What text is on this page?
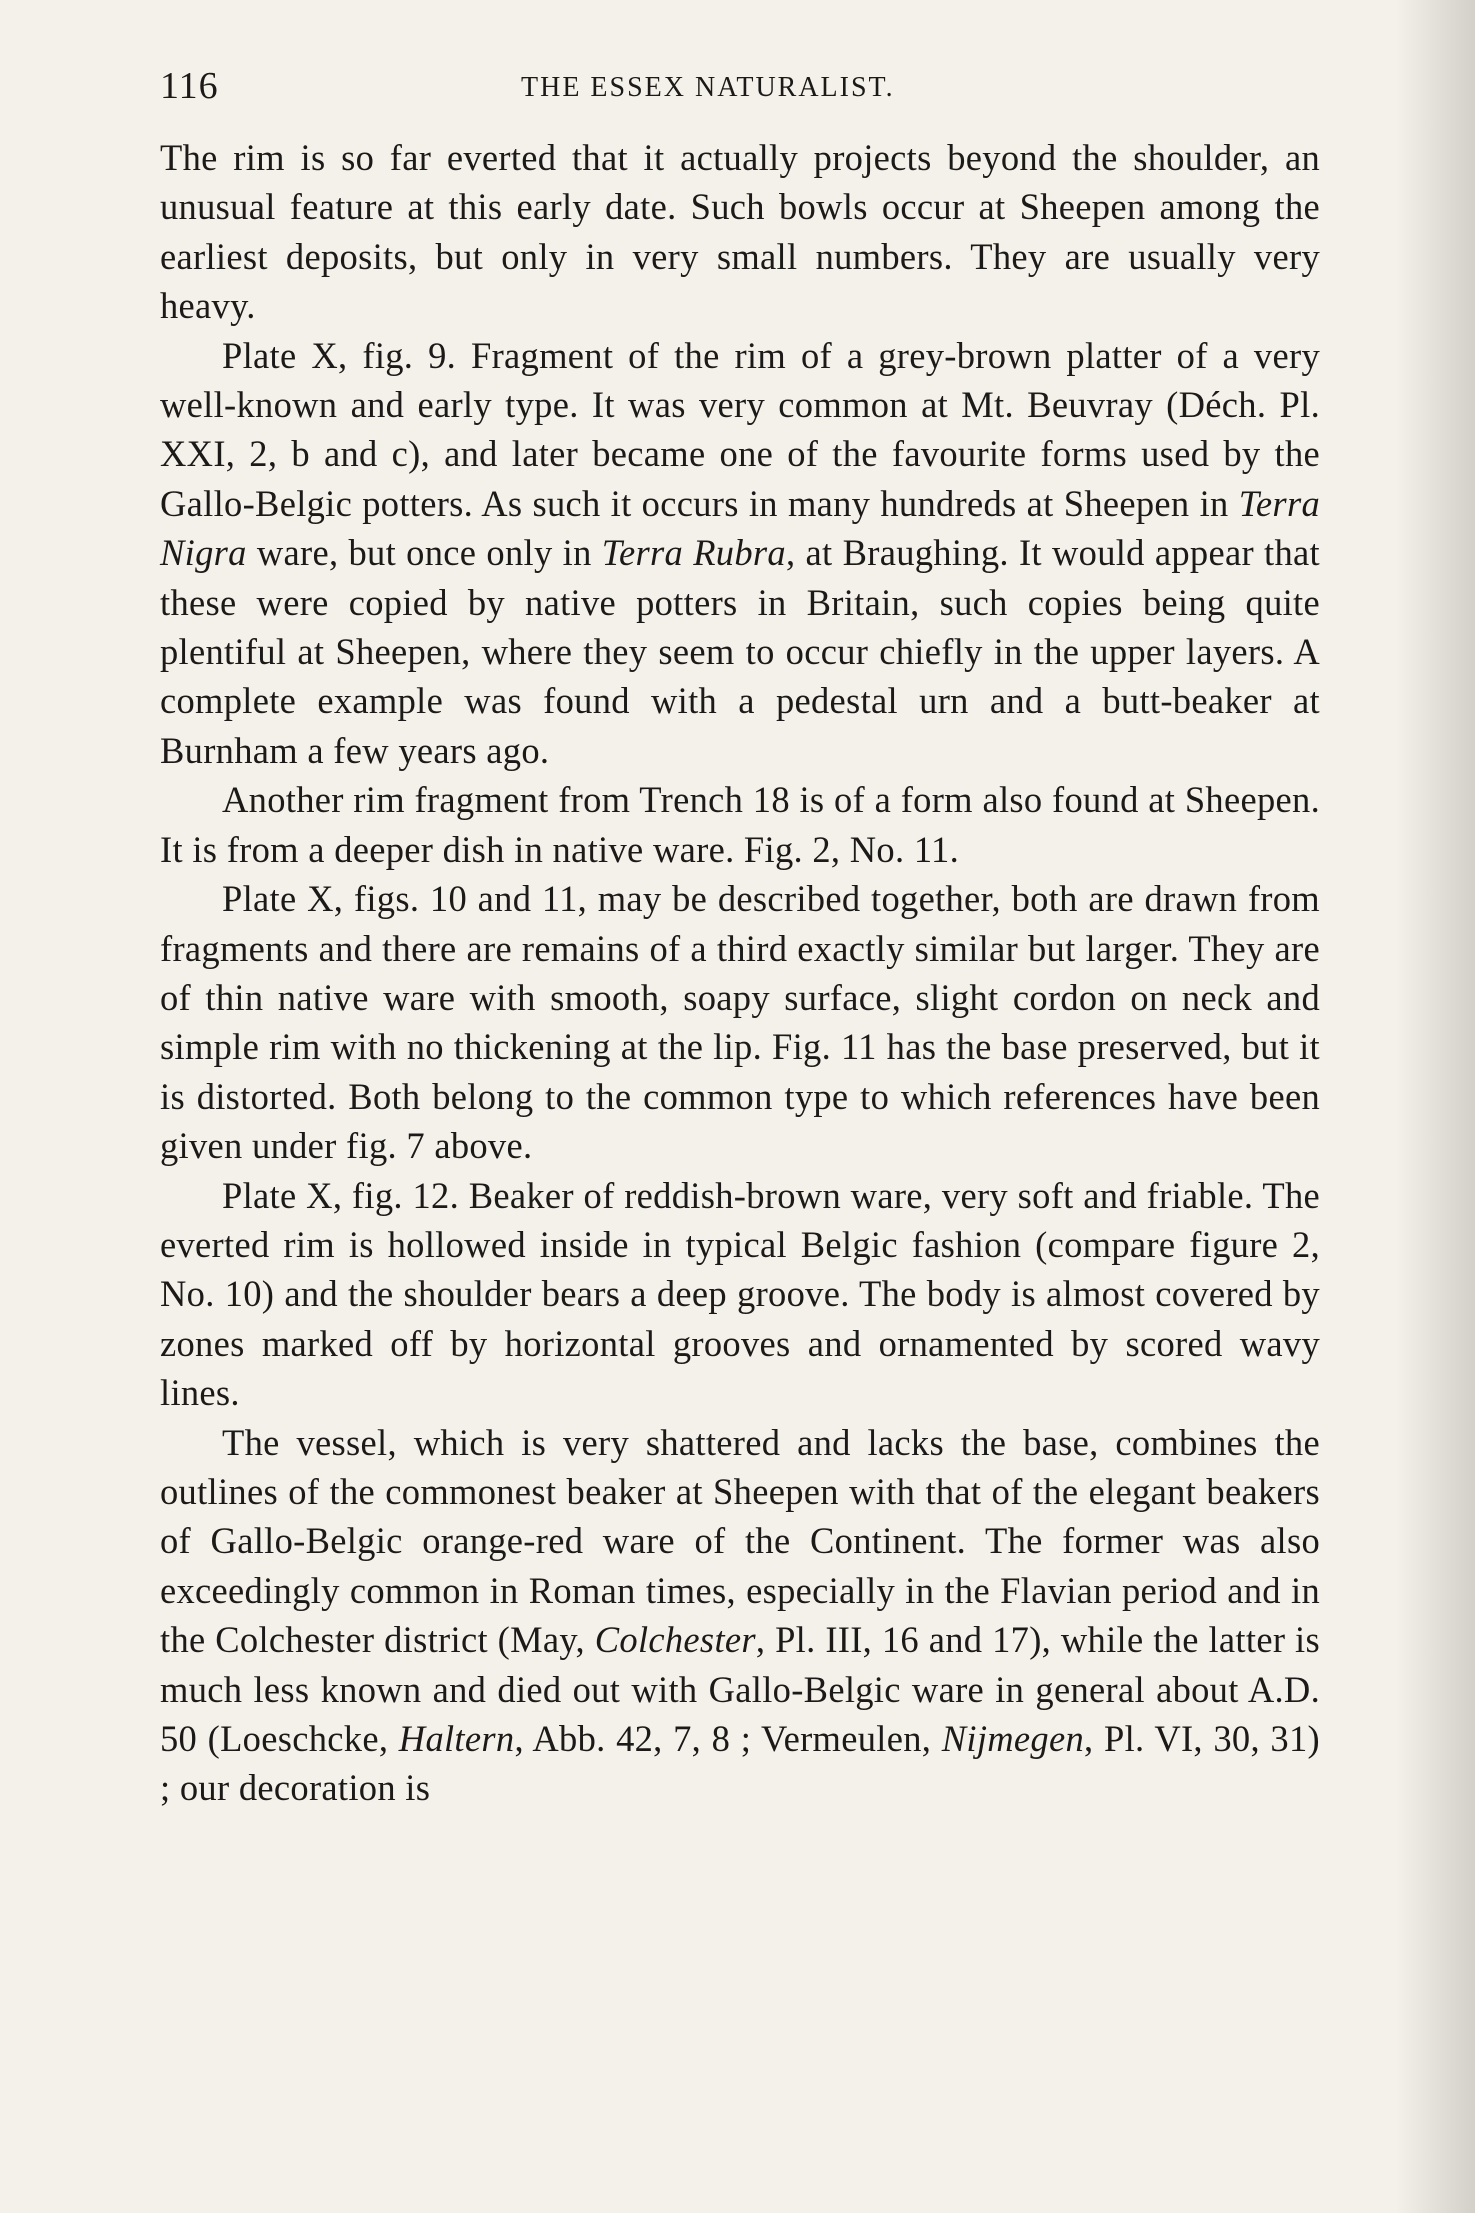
116	THE ESSEX NATURALIST.

The rim is so far everted that it actually projects beyond the shoulder, an unusual feature at this early date. Such bowls occur at Sheepen among the earliest deposits, but only in very small numbers. They are usually very heavy.

Plate X, fig. 9. Fragment of the rim of a grey-brown platter of a very well-known and early type. It was very common at Mt. Beuvray (Déch. Pl. XXI, 2, b and c), and later became one of the favourite forms used by the Gallo-Belgic potters. As such it occurs in many hundreds at Sheepen in Terra Nigra ware, but once only in Terra Rubra, at Braughing. It would appear that these were copied by native potters in Britain, such copies being quite plentiful at Sheepen, where they seem to occur chiefly in the upper layers. A complete example was found with a pedestal urn and a butt-beaker at Burnham a few years ago.

Another rim fragment from Trench 18 is of a form also found at Sheepen. It is from a deeper dish in native ware. Fig. 2, No. 11.

Plate X, figs. 10 and 11, may be described together, both are drawn from fragments and there are remains of a third exactly similar but larger. They are of thin native ware with smooth, soapy surface, slight cordon on neck and simple rim with no thickening at the lip. Fig. 11 has the base preserved, but it is distorted. Both belong to the common type to which references have been given under fig. 7 above.

Plate X, fig. 12. Beaker of reddish-brown ware, very soft and friable. The everted rim is hollowed inside in typical Belgic fashion (compare figure 2, No. 10) and the shoulder bears a deep groove. The body is almost covered by zones marked off by horizontal grooves and ornamented by scored wavy lines.

The vessel, which is very shattered and lacks the base, combines the outlines of the commonest beaker at Sheepen with that of the elegant beakers of Gallo-Belgic orange-red ware of the Continent. The former was also exceedingly common in Roman times, especially in the Flavian period and in the Colchester district (May, Colchester, Pl. III, 16 and 17), while the latter is much less known and died out with Gallo-Belgic ware in general about A.D. 50 (Loeschcke, Haltern, Abb. 42, 7, 8 ; Vermeulen, Nijmegen, Pl. VI, 30, 31) ; our decoration is
